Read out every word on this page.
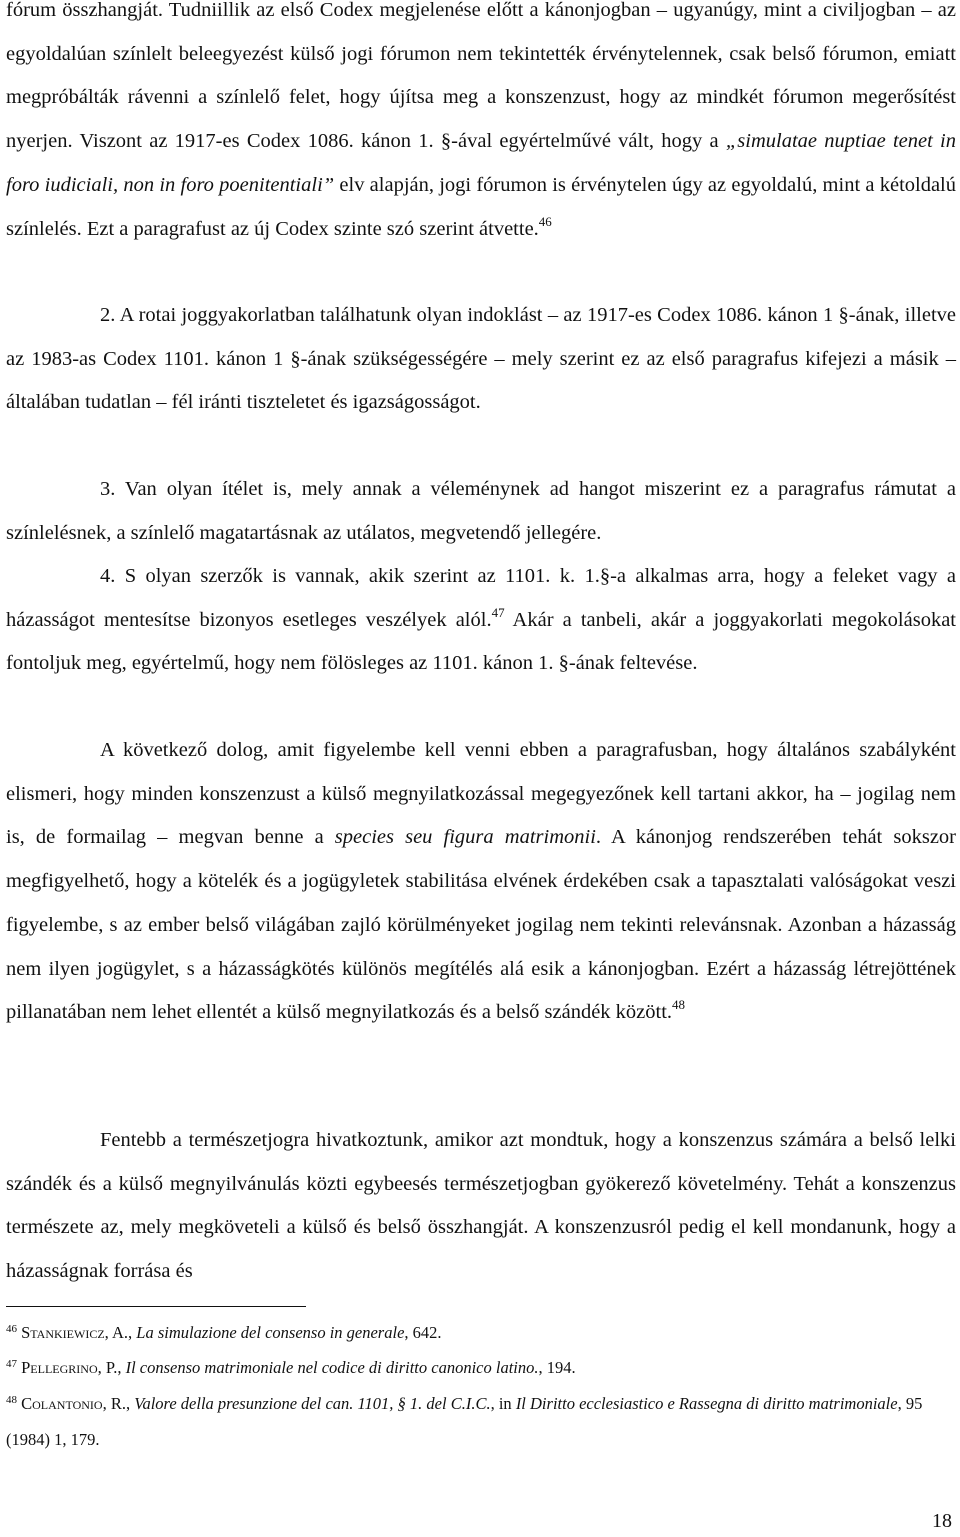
fórum összhangját. Tudniillik az első Codex megjelenése előtt a kánonjogban – ugyanúgy, mint a civiljogban – az egyoldalúan színlelt beleegyezést külső jogi fórumon nem tekintették érvénytelennek, csak belső fórumon, emiatt megpróbálták rávenni a színlelő felet, hogy újítsa meg a konszenzust, hogy az mindkét fórumon megerősítést nyerjen. Viszont az 1917-es Codex 1086. kánon 1. §-ával egyértelművé vált, hogy a „simulatae nuptiae tenet in foro iudiciali, non in foro poenitentiali” elv alapján, jogi fórumon is érvénytelen úgy az egyoldalú, mint a kétoldalú színlelés. Ezt a paragrafust az új Codex szinte szó szerint átvette.$^{46}$

2. A rotai joggyakorlatban találhatunk olyan indoklást – az 1917-es Codex 1086. kánon 1 §-ának, illetve az 1983-as Codex 1101. kánon 1 §-ának szükségességére – mely szerint ez az első paragrafus kifejezi a másik – általában tudatlan – fél iránti tiszteletet és igazságosságot.

3. Van olyan ítélet is, mely annak a véleménynek ad hangot miszerint ez a paragrafus rámutat a színlelésnek, a színlelő magatartásnak az utálatos, megvetendő jellegére.

4. S olyan szerzők is vannak, akik szerint az 1101. k. 1.§-a alkalmas arra, hogy a feleket vagy a házasságot mentesítse bizonyos esetleges veszélyek alól.$^{47}$ Akár a tanbeli, akár a joggyakorlati megokolásokat fontoljuk meg, egyértelmű, hogy nem fölösleges az 1101. kánon 1. §-ának feltevése.

A következő dolog, amit figyelembe kell venni ebben a paragrafusban, hogy általános szabályként elismeri, hogy minden konszenzust a külső megnyilatkozással megegyezőnek kell tartani akkor, ha – jogilag nem is, de formailag – megvan benne a species seu figura matrimonii. A kánonjog rendszerében tehát sokszor megfigyelhető, hogy a kötelék és a jogügyletek stabilitása elvének érdekében csak a tapasztalati valóságokat veszi figyelembe, s az ember belső világában zajló körülményeket jogilag nem tekinti relevánsnak. Azonban a házasság nem ilyen jogügylet, s a házasságkötés különös megítélés alá esik a kánonjogban. Ezért a házasság létrejöttének pillanatában nem lehet ellentét a külső megnyilatkozás és a belső szándék között.$^{48}$

Fentebb a természetjogra hivatkoztunk, amikor azt mondtuk, hogy a konszenzus számára a belső lelki szándék és a külső megnyilvánulás közti egybeesés természetjogban gyökerező követelmény. Tehát a konszenzus természete az, mely megköveteli a külső és belső összhangját. A konszenzusról pedig el kell mondanunk, hogy a házasságnak forrása és

$^{46}$ Stankiewicz, A., La simulazione del consenso in generale, 642.

$^{47}$ Pellegrino, P., Il consenso matrimoniale nel codice di diritto canonico latino., 194.

$^{48}$ Colantonio, R., Valore della presunzione del can. 1101, § 1. del C.I.C., in Il Diritto ecclesiastico e Rassegna di diritto matrimoniale, 95 (1984) 1, 179.

18
